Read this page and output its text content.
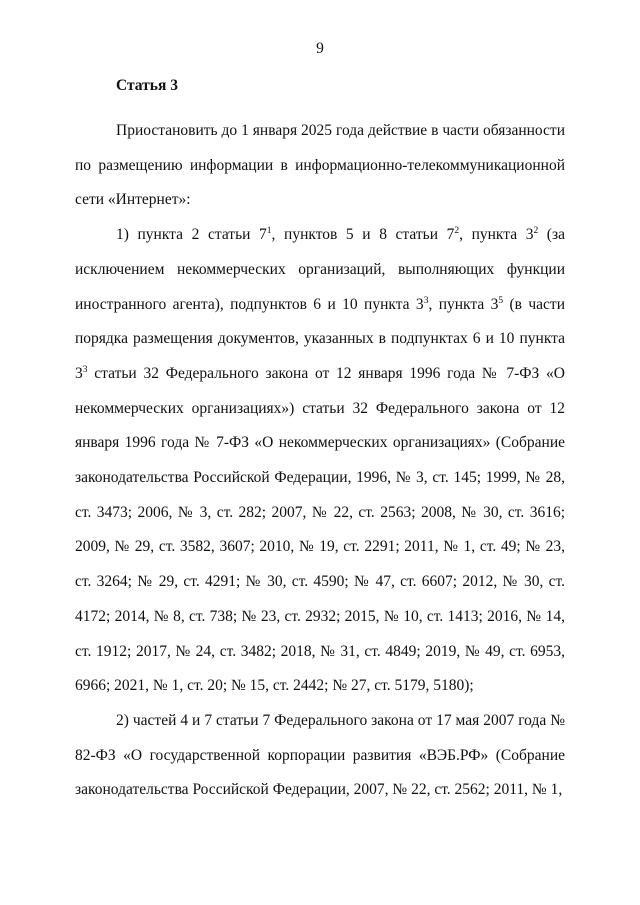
9
Статья 3

Приостановить до 1 января 2025 года действие в части обязанности по размещению информации в информационно-телекоммуникационной сети «Интернет»:

1) пункта 2 статьи $7^1$, пунктов 5 и 8 статьи $7^2$, пункта $3^2$ (за исключением некоммерческих организаций, выполняющих функции иностранного агента), подпунктов 6 и 10 пункта $3^3$, пункта $3^5$ (в части порядка размещения документов, указанных в подпунктах 6 и 10 пункта $3^3$ статьи 32 Федерального закона от 12 января 1996 года № 7-ФЗ «О некоммерческих организациях») статьи 32 Федерального закона от 12 января 1996 года № 7-ФЗ «О некоммерческих организациях» (Собрание законодательства Российской Федерации, 1996, № 3, ст. 145; 1999, № 28, ст. 3473; 2006, № 3, ст. 282; 2007, № 22, ст. 2563; 2008, № 30, ст. 3616; 2009, № 29, ст. 3582, 3607; 2010, № 19, ст. 2291; 2011, № 1, ст. 49; № 23, ст. 3264; № 29, ст. 4291; № 30, ст. 4590; № 47, ст. 6607; 2012, № 30, ст. 4172; 2014, № 8, ст. 738; № 23, ст. 2932; 2015, № 10, ст. 1413; 2016, № 14, ст. 1912; 2017, № 24, ст. 3482; 2018, № 31, ст. 4849; 2019, № 49, ст. 6953, 6966; 2021, № 1, ст. 20; № 15, ст. 2442; № 27, ст. 5179, 5180);

2) частей 4 и 7 статьи 7 Федерального закона от 17 мая 2007 года № 82-ФЗ «О государственной корпорации развития «ВЭБ.РФ» (Собрание законодательства Российской Федерации, 2007, № 22, ст. 2562; 2011, № 1,
